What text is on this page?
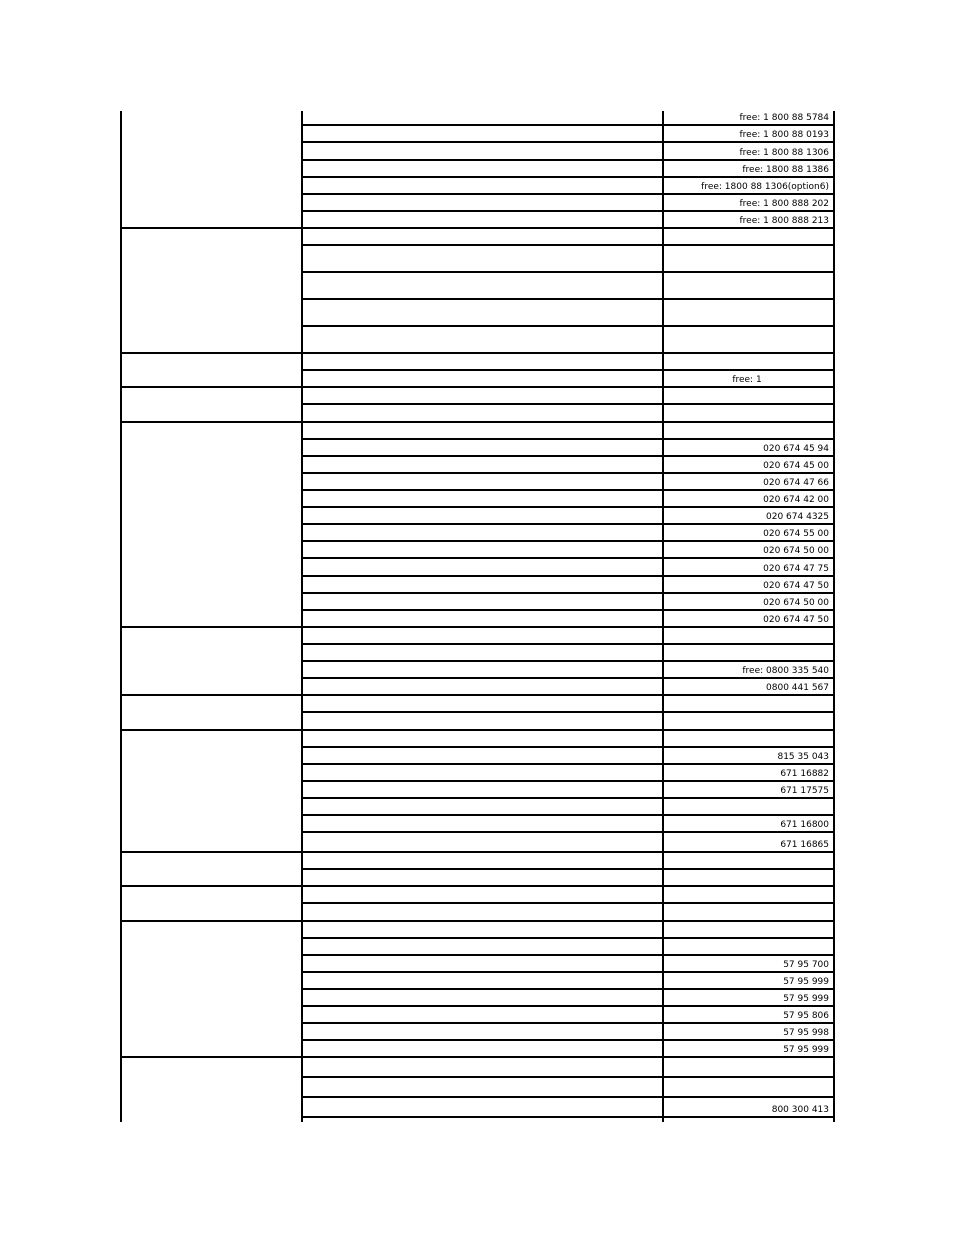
free: 1 800 88 5784
free: 1 800 88 0193
free: 1 800 88 1306
free: 1800 88 1386
free: 1800 88 1306(option6)
free: 1 800 888 202
free: 1 800 888 213
free: 1
020 674 45 94
020 674 45 00
020 674 47 66
020 674 42 00
020 674 4325
020 674 55 00
020 674 50 00
020 674 47 75
020 674 47 50
020 674 50 00
020 674 47 50
free: 0800 335 540
0800 441 567
815 35 043
671 16882
671 17575
671 16800
671 16865
57 95 700
57 95 999
57 95 999
57 95 806
57 95 998
57 95 999
800 300 413
